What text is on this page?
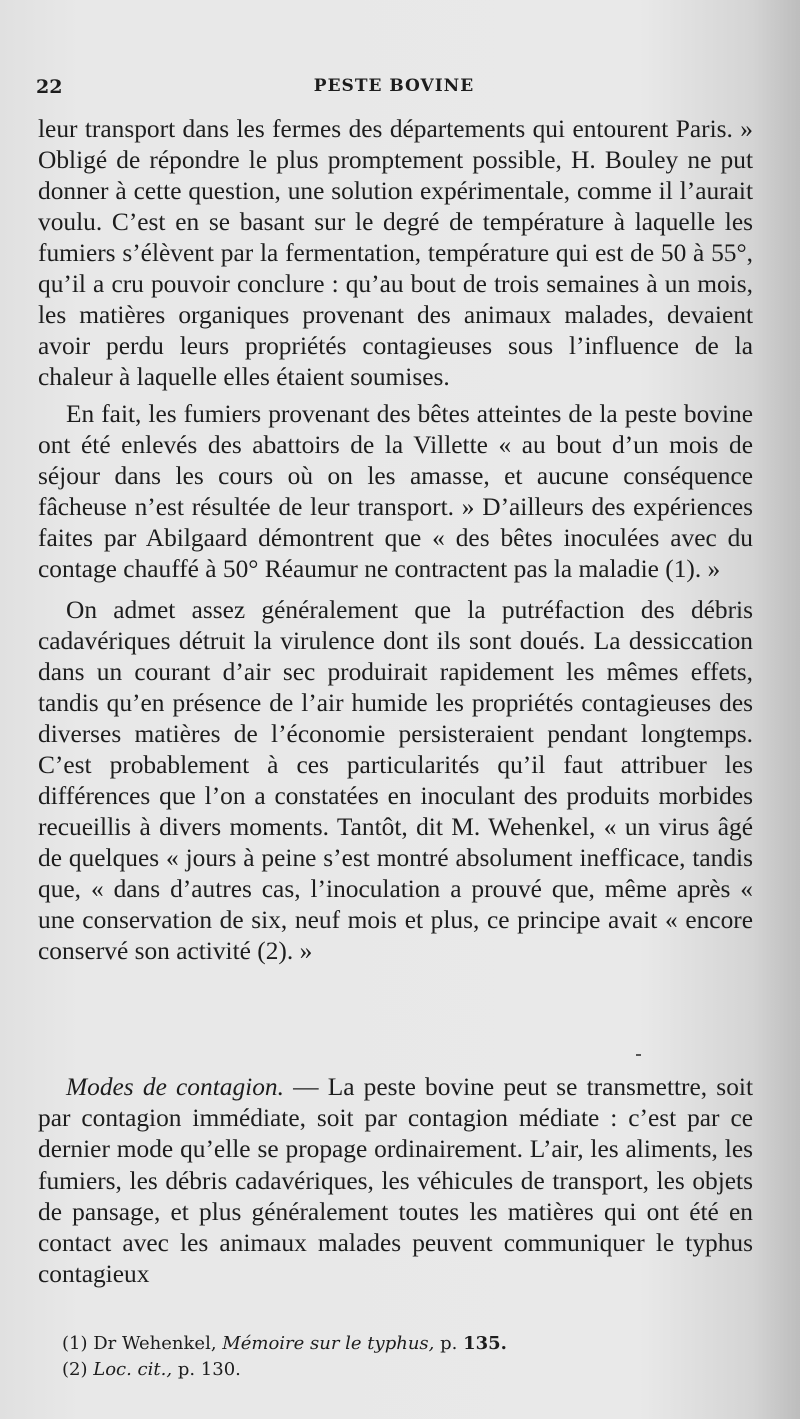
22	PESTE BOVINE

leur transport dans les fermes des départements qui entourent Paris. » Obligé de répondre le plus promptement possible, H. Bouley ne put donner à cette question, une solution expérimentale, comme il l’aurait voulu. C’est en se basant sur le degré de température à laquelle les fumiers s’élèvent par la fermentation, température qui est de 50 à 55°, qu’il a cru pouvoir conclure : qu’au bout de trois semaines à un mois, les matières organiques provenant des animaux malades, devaient avoir perdu leurs propriétés contagieuses sous l’influence de la chaleur à laquelle elles étaient soumises.

En fait, les fumiers provenant des bêtes atteintes de la peste bovine ont été enlevés des abattoirs de la Villette « au bout d’un mois de séjour dans les cours où on les amasse, et aucune conséquence fâcheuse n’est résultée de leur transport. » D’ailleurs des expériences faites par Abilgaard démontrent que « des bêtes inoculées avec du contage chauffé à 50° Réaumur ne contractent pas la maladie (1). »

On admet assez généralement que la putréfaction des débris cadavériques détruit la virulence dont ils sont doués. La dessiccation dans un courant d’air sec produirait rapidement les mêmes effets, tandis qu’en présence de l’air humide les propriétés contagieuses des diverses matières de l’économie persisteraient pendant longtemps. C’est probablement à ces particularités qu’il faut attribuer les différences que l’on a constatées en inoculant des produits morbides recueillis à divers moments. Tantôt, dit M. Wehenkel, « un virus âgé de quelques « jours à peine s’est montré absolument inefficace, tandis que, « dans d’autres cas, l’inoculation a prouvé que, même après « une conservation de six, neuf mois et plus, ce principe avait « encore conservé son activité (2). »

Modes de contagion. — La peste bovine peut se transmettre, soit par contagion immédiate, soit par contagion médiate : c’est par ce dernier mode qu’elle se propage ordinairement. L’air, les aliments, les fumiers, les débris cadavériques, les véhicules de transport, les objets de pansage, et plus généralement toutes les matières qui ont été en contact avec les animaux malades peuvent communiquer le typhus contagieux

(1) Dr Wehenkel, Mémoire sur le typhus, p. 135.
(2) Loc. cit., p. 130.
